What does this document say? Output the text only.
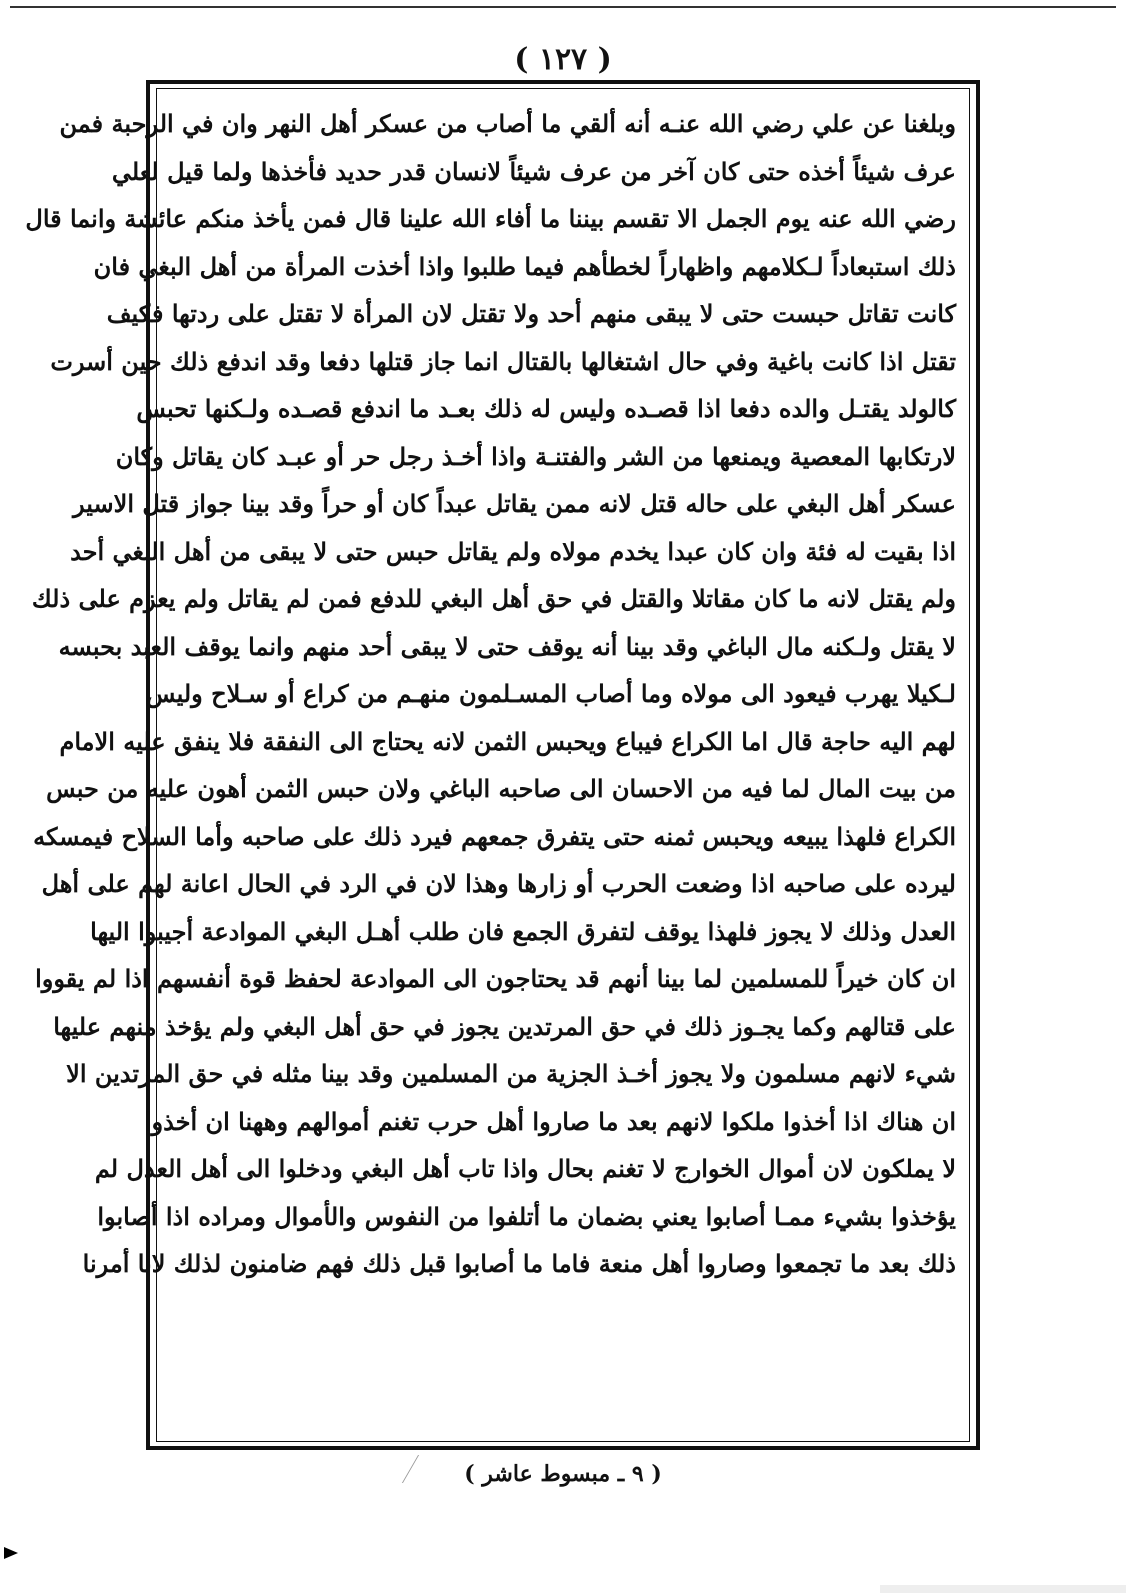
( ١٢٧ )
وبلغنا عن علي رضي الله عنـه أنه ألقي ما أصاب من عسكر أهل النهر وان في الرحبة فمن
عرف شيئاً أخذه حتى كان آخر من عرف شيئاً لانسان قدر حديد فأخذها ولما قيل لعلي
رضي الله عنه يوم الجمل الا تقسم بيننا ما أفاء الله علينا قال فمن يأخذ منكم عائشة وانما قال
ذلك استبعاداً لـكلامهم واظهاراً لخطأهم فيما طلبوا واذا أخذت المرأة من أهل البغي فان
كانت تقاتل حبست حتى لا يبقى منهم أحد ولا تقتل لان المرأة لا تقتل على ردتها فكيف
تقتل اذا كانت باغية وفي حال اشتغالها بالقتال انما جاز قتلها دفعا وقد اندفع ذلك حين أسرت
كالولد يقتـل والده دفعا اذا قصـده وليس له ذلك بعـد ما اندفع قصـده ولـكنها تحبس
لارتكابها المعصية ويمنعها من الشر والفتنـة واذا أخـذ رجل حر أو عبـد كان يقاتل وكان
عسكر أهل البغي على حاله قتل لانه ممن يقاتل عبداً كان أو حراً وقد بينا جواز قتل الاسير
اذا بقيت له فئة وان كان عبدا يخدم مولاه ولم يقاتل حبس حتى لا يبقى من أهل البغي أحد
ولم يقتل لانه ما كان مقاتلا والقتل في حق أهل البغي للدفع فمن لم يقاتل ولم يعزم على ذلك
لا يقتل ولـكنه مال الباغي وقد بينا أنه يوقف حتى لا يبقى أحد منهم وانما يوقف العبد بحبسه
لـكيلا يهرب فيعود الى مولاه وما أصاب المسـلمون منهـم من كراع أو سـلاح وليس
لهم اليه حاجة قال اما الكراع فيباع ويحبس الثمن لانه يحتاج الى النفقة فلا ينفق عليه الامام
من بيت المال لما فيه من الاحسان الى صاحبه الباغي ولان حبس الثمن أهون عليه من حبس
الكراع فلهذا يبيعه ويحبس ثمنه حتى يتفرق جمعهم فيرد ذلك على صاحبه وأما السلاح فيمسكه
ليرده على صاحبه اذا وضعت الحرب أو زارها وهذا لان في الرد في الحال اعانة لهم على أهل
العدل وذلك لا يجوز فلهذا يوقف لتفرق الجمع فان طلب أهـل البغي الموادعة أجيبوا اليها
ان كان خيراً للمسلمين لما بينا أنهم قد يحتاجون الى الموادعة لحفظ قوة أنفسهم اذا لم يقووا
على قتالهم وكما يجـوز ذلك في حق المرتدين يجوز في حق أهل البغي ولم يؤخذ منهم عليها
شيء لانهم مسلمون ولا يجوز أخـذ الجزية من المسلمين وقد بينا مثله في حق المرتدين الا
ان هناك اذا أخذوا ملكوا لانهم بعد ما صاروا أهل حرب تغنم أموالهم وههنا ان أخذوا
لا يملكون لان أموال الخوارج لا تغنم بحال واذا تاب أهل البغي ودخلوا الى أهل العدل لم
يؤخذوا بشيء ممـا أصابوا يعني بضمان ما أتلفوا من النفوس والأموال ومراده اذا أصابوا
ذلك بعد ما تجمعوا وصاروا أهل منعة فاما ما أصابوا قبل ذلك فهم ضامنون لذلك لانا أمرنا
( ٩ ـ مبسوط عاشر )
